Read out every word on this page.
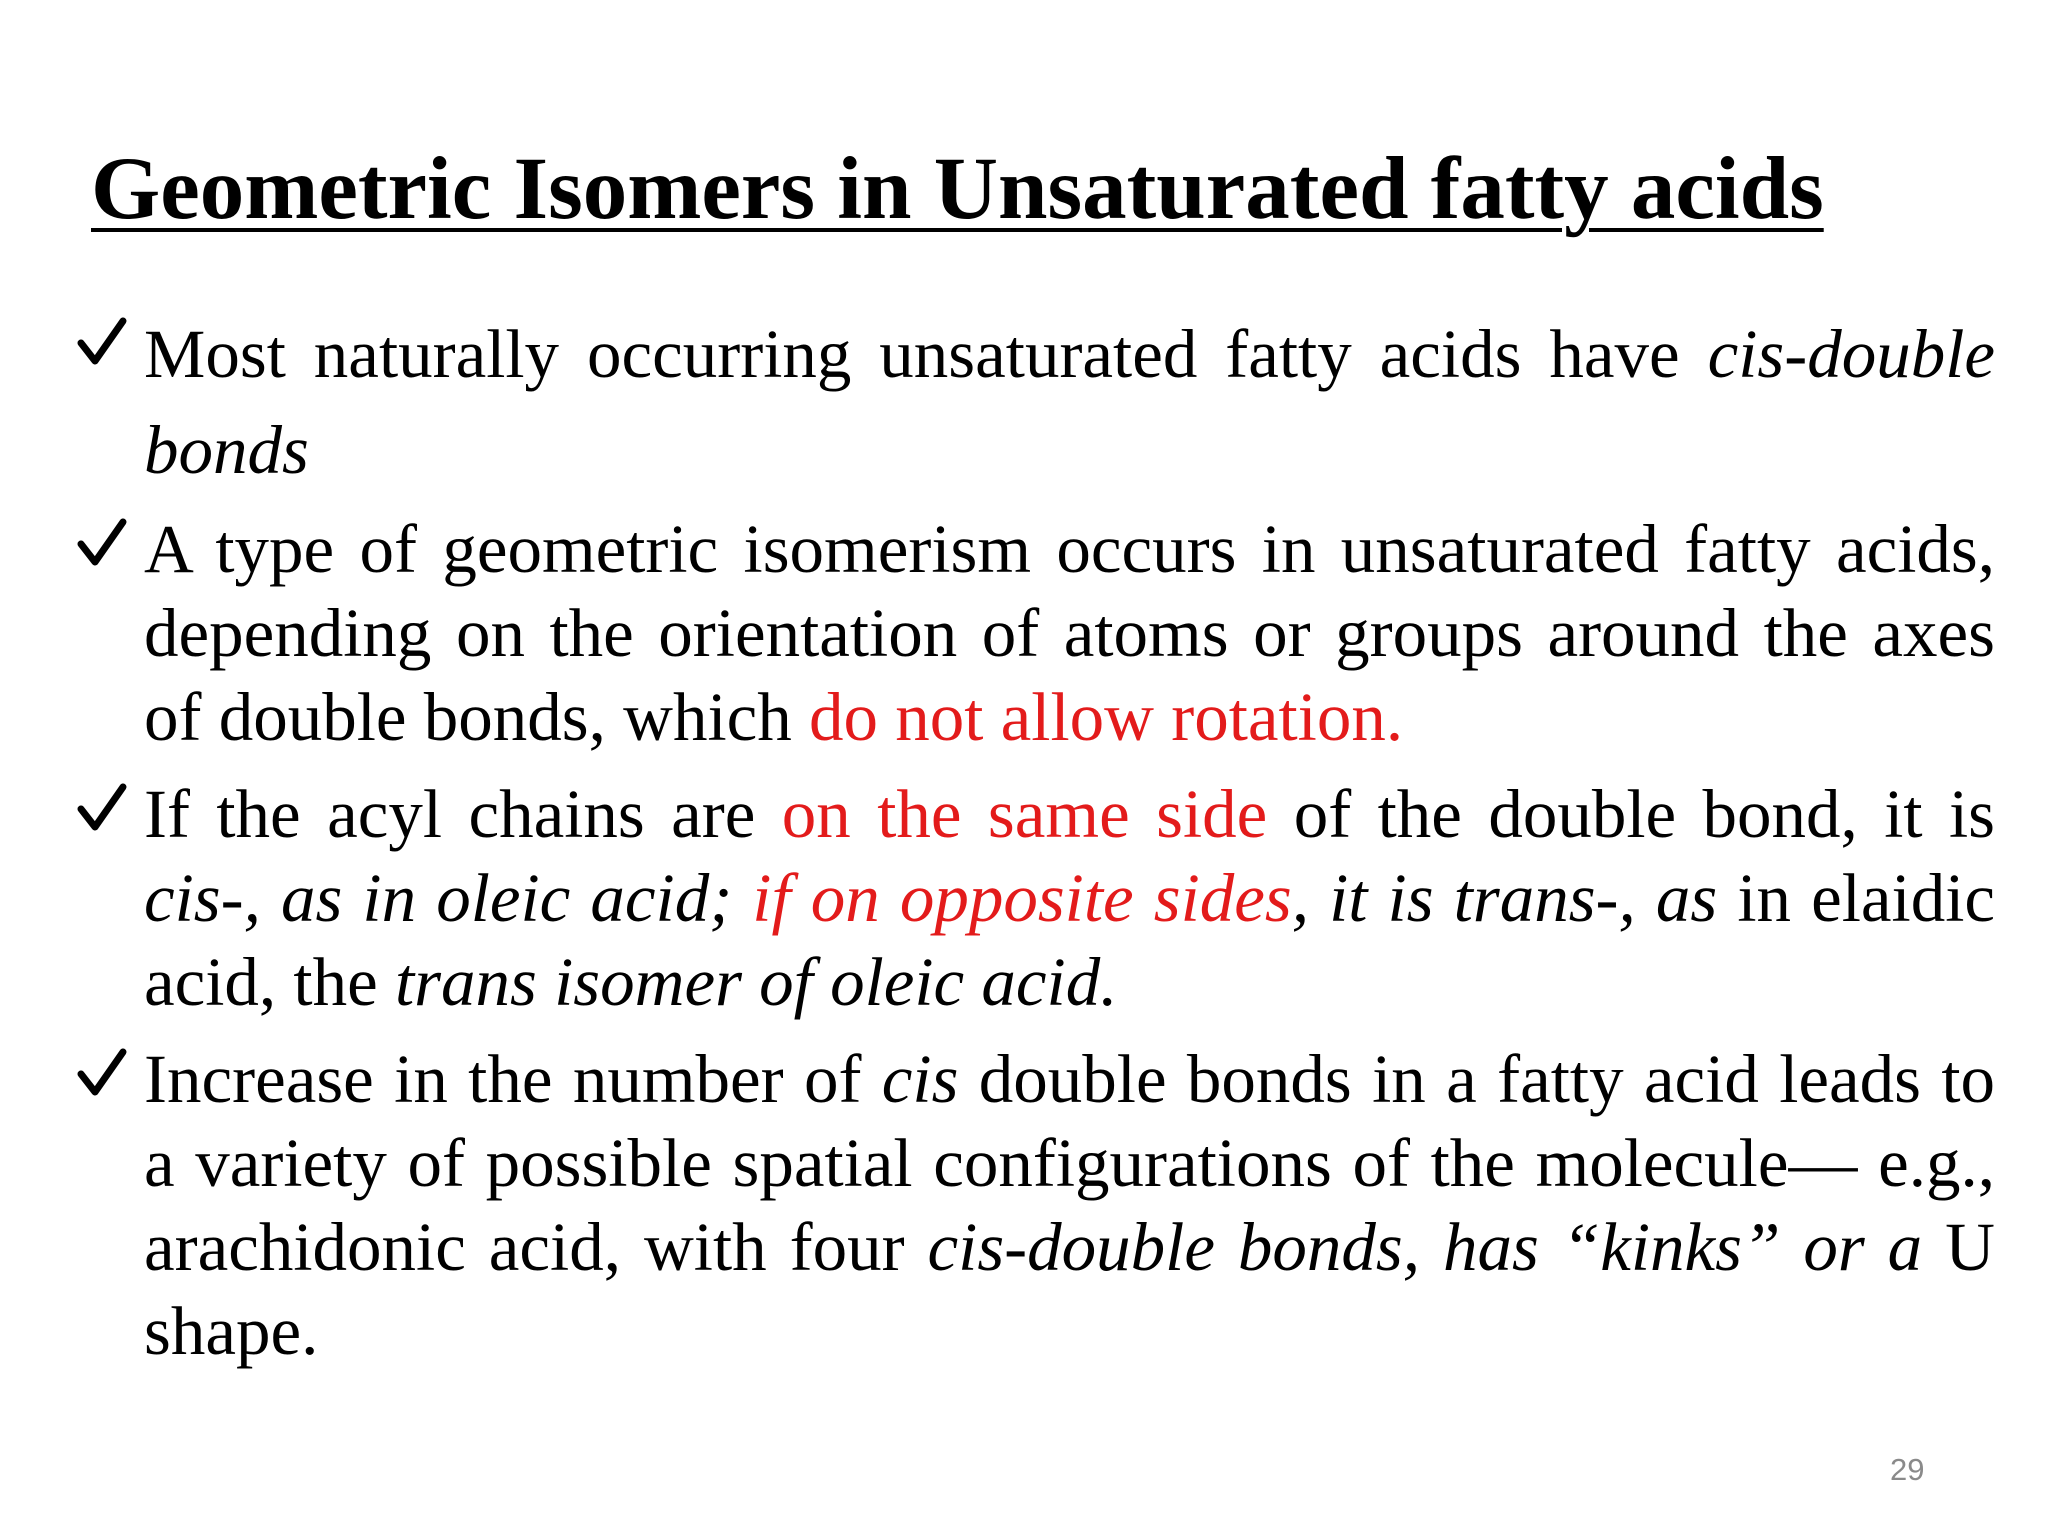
Geometric Isomers in Unsaturated fatty acids
Most naturally occurring unsaturated fatty acids have cis-double bonds
A type of geometric isomerism occurs in unsaturated fatty acids, depending on the orientation of atoms or groups around the axes of double bonds, which do not allow rotation.
If the acyl chains are on the same side of the double bond, it is cis-, as in oleic acid; if on opposite sides, it is trans-, as in elaidic acid, the trans isomer of oleic acid.
Increase in the number of cis double bonds in a fatty acid leads to a variety of possible spatial configurations of the molecule— e.g., arachidonic acid, with four cis-double bonds, has “kinks” or a U shape.
29
